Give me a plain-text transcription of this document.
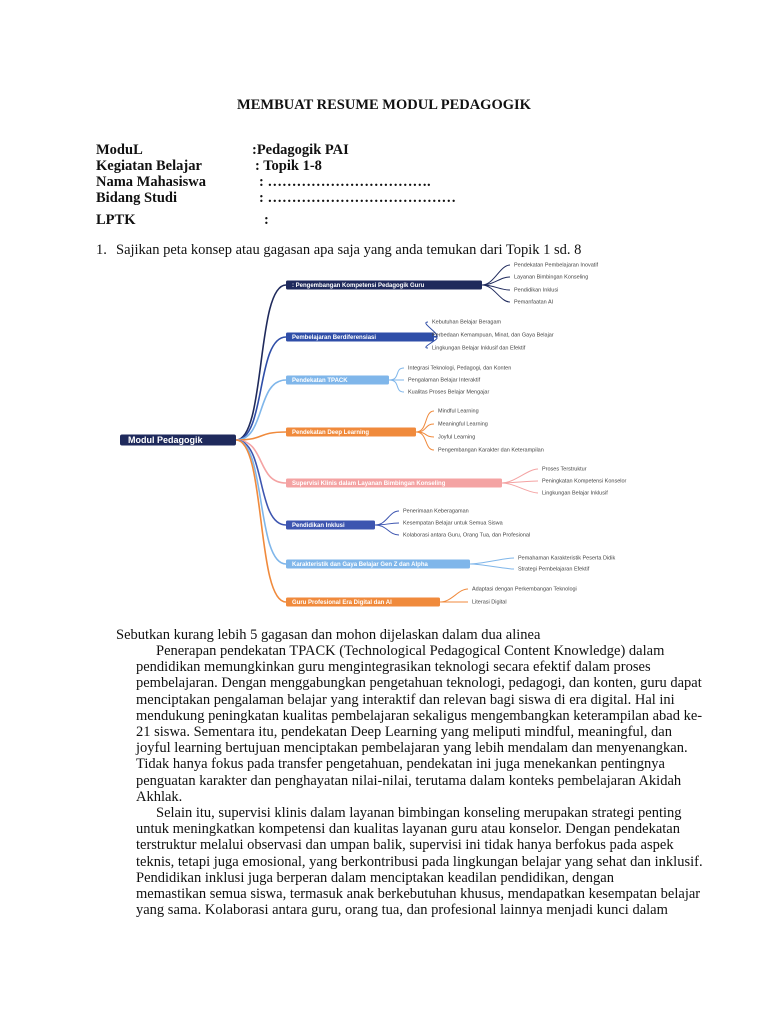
MEMBUAT RESUME MODUL PEDAGOGIK
ModuL	:Pedagogik PAI
Kegiatan Belajar	: Topik 1-8
Nama Mahasiswa	: …………………………….
Bidang Studi	: …………………………………
LPTK	:
1. Sajikan peta konsep atau gagasan apa saja yang anda temukan dari Topik 1 sd. 8
Modul Pedagogik
: Pengembangan Kompetensi Pedagogik Guru
Pendekatan Pembelajaran Inovatif
Layanan Bimbingan Konseling
Pendidikan Inklusi
Pemanfaatan AI
Pembelajaran Berdiferensiasi
Kebutuhan Belajar Beragam
Perbedaan Kemampuan, Minat, dan Gaya Belajar
Lingkungan Belajar Inklusif dan Efektif
Pendekatan TPACK
Integrasi Teknologi, Pedagogi, dan Konten
Pengalaman Belajar Interaktif
Kualitas Proses Belajar Mengajar
Pendekatan Deep Learning
Mindful Learning
Meaningful Learning
Joyful Learning
Pengembangan Karakter dan Keterampilan
Supervisi Klinis dalam Layanan Bimbingan Konseling
Proses Terstruktur
Peningkatan Kompetensi Konselor
Lingkungan Belajar Inklusif
Pendidikan Inklusi
Penerimaan Keberagaman
Kesempatan Belajar untuk Semua Siswa
Kolaborasi antara Guru, Orang Tua, dan Profesional
Karakteristik dan Gaya Belajar Gen Z dan Alpha
Pemahaman Karakteristik Peserta Didik
Strategi Pembelajaran Efektif
Guru Profesional Era Digital dan AI
Adaptasi dengan Perkembangan Teknologi
Literasi Digital
Sebutkan kurang lebih 5 gagasan dan mohon dijelaskan dalam dua alinea

Penerapan pendekatan TPACK (Technological Pedagogical Content Knowledge) dalam
pendidikan memungkinkan guru mengintegrasikan teknologi secara efektif dalam proses
pembelajaran. Dengan menggabungkan pengetahuan teknologi, pedagogi, dan konten, guru dapat
menciptakan pengalaman belajar yang interaktif dan relevan bagi siswa di era digital. Hal ini
mendukung peningkatan kualitas pembelajaran sekaligus mengembangkan keterampilan abad ke-
21 siswa. Sementara itu, pendekatan Deep Learning yang meliputi mindful, meaningful, dan
joyful learning bertujuan menciptakan pembelajaran yang lebih mendalam dan menyenangkan.
Tidak hanya fokus pada transfer pengetahuan, pendekatan ini juga menekankan pentingnya
penguatan karakter dan penghayatan nilai-nilai, terutama dalam konteks pembelajaran Akidah
Akhlak.

Selain itu, supervisi klinis dalam layanan bimbingan konseling merupakan strategi penting
untuk meningkatkan kompetensi dan kualitas layanan guru atau konselor. Dengan pendekatan
terstruktur melalui observasi dan umpan balik, supervisi ini tidak hanya berfokus pada aspek
teknis, tetapi juga emosional, yang berkontribusi pada lingkungan belajar yang sehat dan inklusif.
Pendidikan inklusi juga berperan dalam menciptakan keadilan pendidikan, dengan
memastikan semua siswa, termasuk anak berkebutuhan khusus, mendapatkan kesempatan belajar
yang sama. Kolaborasi antara guru, orang tua, dan profesional lainnya menjadi kunci dalam
